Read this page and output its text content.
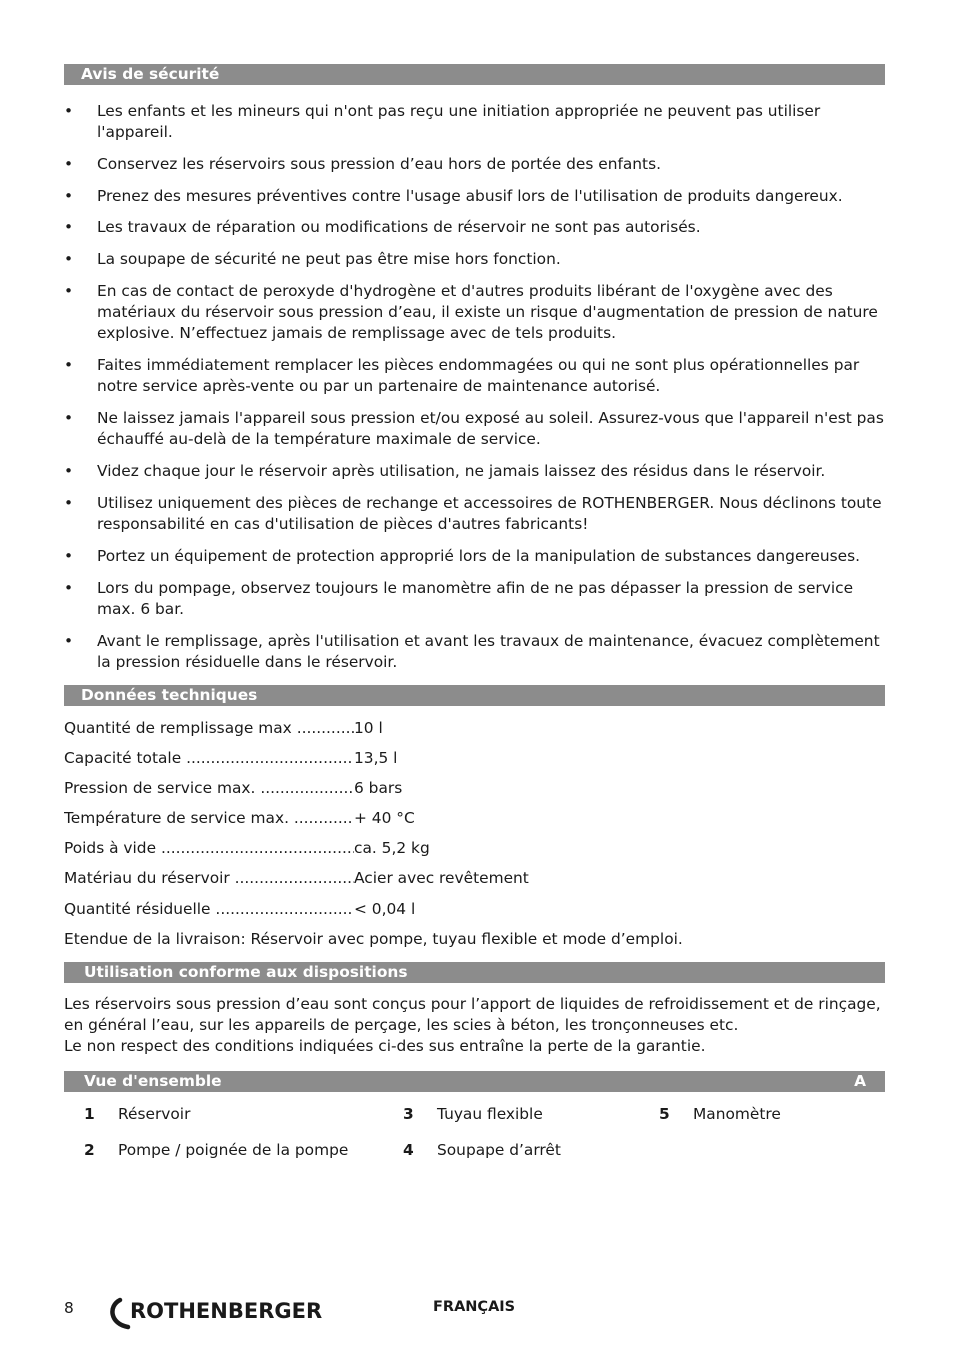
Avis de sécurité
• Les enfants et les mineurs qui n'ont pas reçu une initiation appropriée ne peuvent pas utiliser l'appareil.
• Conservez les réservoirs sous pression d’eau hors de portée des enfants.
• Prenez des mesures préventives contre l'usage abusif lors de l'utilisation de produits dangereux.
• Les travaux de réparation ou modifications de réservoir ne sont pas autorisés.
• La soupape de sécurité ne peut pas être mise hors fonction.
• En cas de contact de peroxyde d'hydrogène et d'autres produits libérant de l'oxygène avec des matériaux du réservoir sous pression d’eau, il existe un risque d'augmentation de pression de nature explosive. N’effectuez jamais de remplissage avec de tels produits.
• Faites immédiatement remplacer les pièces endommagées ou qui ne sont plus opérationnelles par notre service après-vente ou par un partenaire de maintenance autorisé.
• Ne laissez jamais l'appareil sous pression et/ou exposé au soleil. Assurez-vous que l'appareil n'est pas échauffé au-delà de la température maximale de service.
• Videz chaque jour le réservoir après utilisation, ne jamais laissez des résidus dans le réservoir.
• Utilisez uniquement des pièces de rechange et accessoires de ROTHENBERGER. Nous déclinons toute responsabilité en cas d'utilisation de pièces d'autres fabricants!
• Portez un équipement de protection approprié lors de la manipulation de substances dangereuses.
• Lors du pompage, observez toujours le manomètre afin de ne pas dépasser la pression de service max. 6 bar.
• Avant le remplissage, après l'utilisation et avant les travaux de maintenance, évacuez complètement la pression résiduelle dans le réservoir.
Données techniques
Quantité de remplissage max .....	10 l
Capacité totale .....	13,5 l
Pression de service max. .....	6 bars
Température de service max. .....	+ 40 °C
Poids à vide .....	ca. 5,2 kg
Matériau du réservoir .....	Acier avec revêtement
Quantité résiduelle .....	< 0,04 l
Etendue de la livraison: Réservoir avec pompe, tuyau flexible et mode d’emploi.
Utilisation conforme aux dispositions
Les réservoirs sous pression d’eau sont conçus pour l’apport de liquides de refroidissement et de rinçage,
en général l’eau, sur les appareils de perçage, les scies à béton, les tronçonneuses etc.
Le non respect des conditions indiquées ci-des sus entraîne la perte de la garantie.
Vue d'ensemble	A
1 Réservoir
2 Pompe / poignée de la pompe
3 Tuyau flexible
4 Soupape d’arrêt
5 Manomètre
8	ROTHENBERGER	FRANÇAIS
